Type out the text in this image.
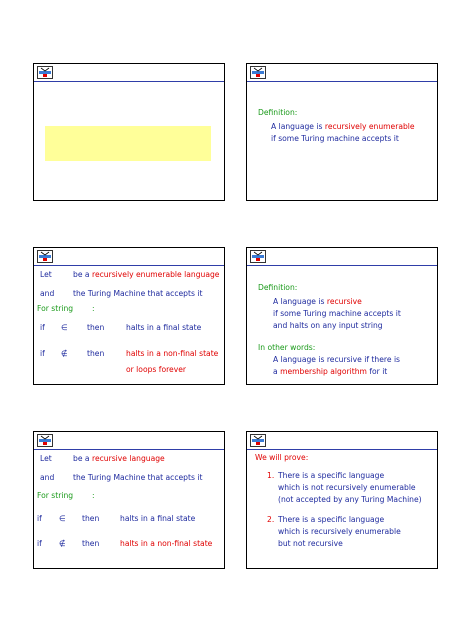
Definition:
A language is recursively enumerable
if some Turing machine accepts it
Let	be a recursively enumerable language
and the Turing Machine that accepts it
For string :
if ∈	then	halts in a final state
if ∉	then	halts in a non-final state
or loops forever
Definition:
A language is recursive
if some Turing machine accepts it
and halts on any input string
In other words:
A language is recursive if there is
a membership algorithm for it
Let	be a recursive language
and the Turing Machine that accepts it
For string :
if ∈ then	halts in a final state
if ∉ then	halts in a non-final state
We will prove:
1. There is a specific language
which is not recursively enumerable
(not accepted by any Turing Machine)
2. There is a specific language
which is recursively enumerable
but not recursive
